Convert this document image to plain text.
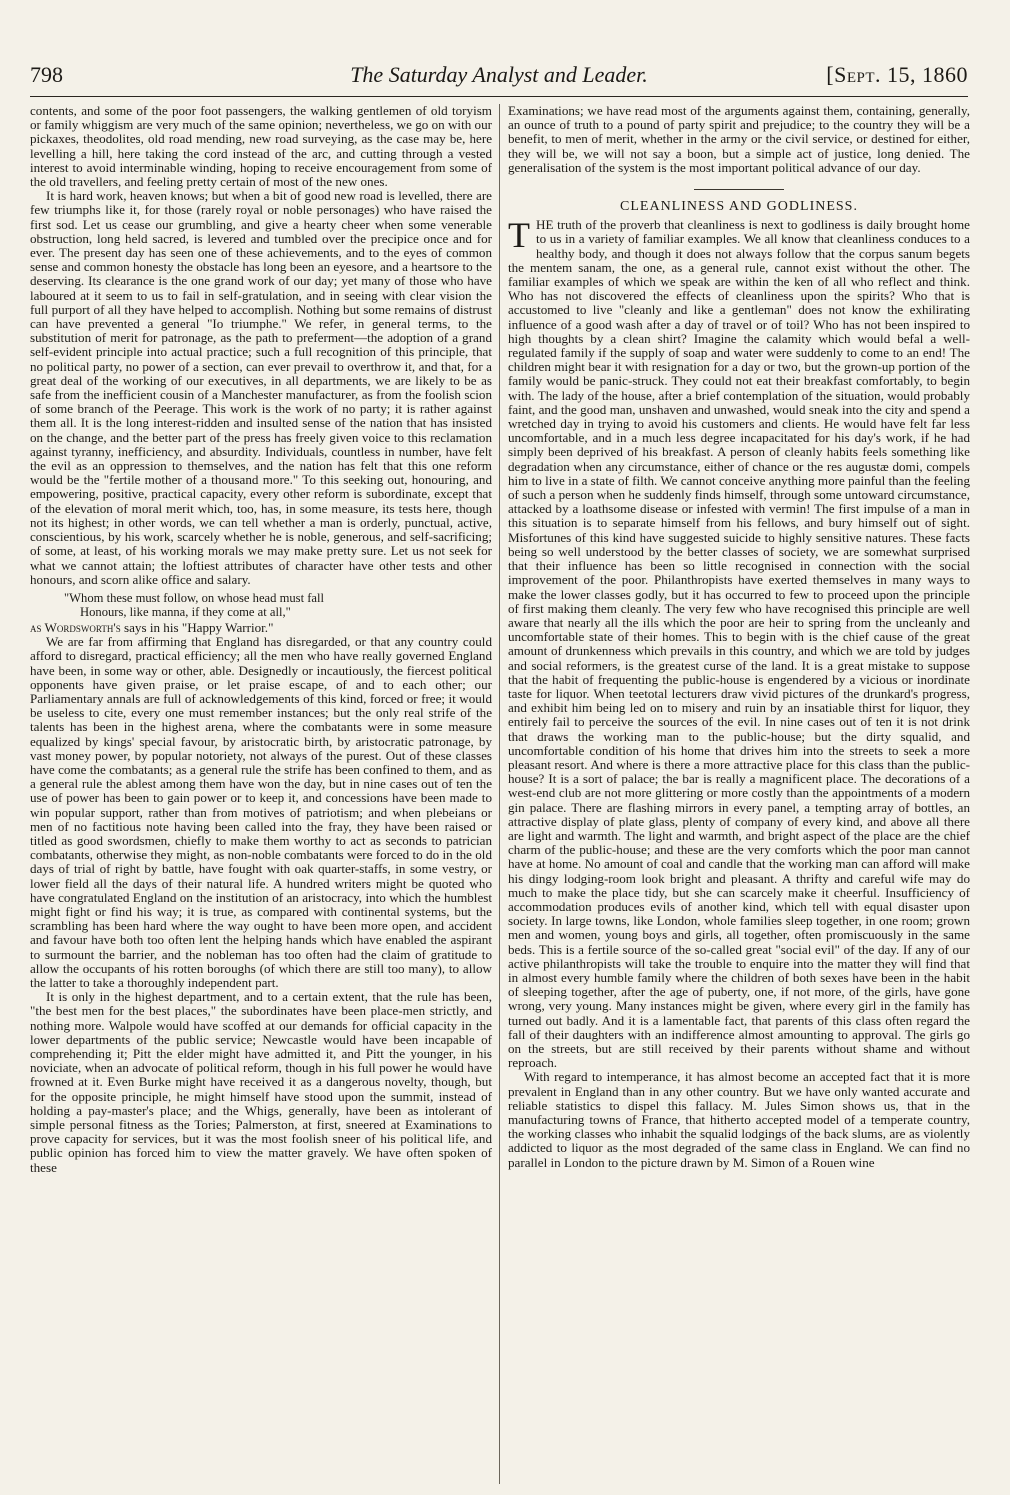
798	The Saturday Analyst and Leader.	[Sept. 15, 1860

contents, and some of the poor foot passengers, the walking gentlemen of old toryism or family whiggism are very much of the same opinion; nevertheless, we go on with our pickaxes, theodolites, old road mending, new road surveying, as the case may be, here levelling a hill, here taking the cord instead of the arc, and cutting through a vested interest to avoid interminable winding, hoping to receive encouragement from some of the old travellers, and feeling pretty certain of most of the new ones.

It is hard work, heaven knows; but when a bit of good new road is levelled, there are few triumphs like it, for those (rarely royal or noble personages) who have raised the first sod. Let us cease our grumbling, and give a hearty cheer when some venerable obstruction, long held sacred, is levered and tumbled over the precipice once and for ever. The present day has seen one of these achievements, and to the eyes of common sense and common honesty the obstacle has long been an eyesore, and a heartsore to the deserving. Its clearance is the one grand work of our day; yet many of those who have laboured at it seem to us to fail in self-gratulation, and in seeing with clear vision the full purport of all they have helped to accomplish. Nothing but some remains of distrust can have prevented a general "Io triumphe." We refer, in general terms, to the substitution of merit for patronage, as the path to preferment—the adoption of a grand self-evident principle into actual practice; such a full recognition of this principle, that no political party, no power of a section, can ever prevail to overthrow it, and that, for a great deal of the working of our executives, in all departments, we are likely to be as safe from the inefficient cousin of a Manchester manufacturer, as from the foolish scion of some branch of the Peerage. This work is the work of no party; it is rather against them all. It is the long interest-ridden and insulted sense of the nation that has insisted on the change, and the better part of the press has freely given voice to this reclamation against tyranny, inefficiency, and absurdity. Individuals, countless in number, have felt the evil as an oppression to themselves, and the nation has felt that this one reform would be the "fertile mother of a thousand more." To this seeking out, honouring, and empowering, positive, practical capacity, every other reform is subordinate, except that of the elevation of moral merit which, too, has, in some measure, its tests here, though not its highest; in other words, we can tell whether a man is orderly, punctual, active, conscientious, by his work, scarcely whether he is noble, generous, and self-sacrificing; of some, at least, of his working morals we may make pretty sure. Let us not seek for what we cannot attain; the loftiest attributes of character have other tests and other honours, and scorn alike office and salary.

"Whom these must follow, on whose head must fall
Honours, like manna, if they come at all,"

as Wordsworth's says in his "Happy Warrior."

We are far from affirming that England has disregarded, or that any country could afford to disregard, practical efficiency; all the men who have really governed England have been, in some way or other, able. Designedly or incautiously, the fiercest political opponents have given praise, or let praise escape, of and to each other; our Parliamentary annals are full of acknowledgements of this kind, forced or free; it would be useless to cite, every one must remember instances; but the only real strife of the talents has been in the highest arena, where the combatants were in some measure equalized by kings' special favour, by aristocratic birth, by aristocratic patronage, by vast money power, by popular notoriety, not always of the purest. Out of these classes have come the combatants; as a general rule the strife has been confined to them, and as a general rule the ablest among them have won the day, but in nine cases out of ten the use of power has been to gain power or to keep it, and concessions have been made to win popular support, rather than from motives of patriotism; and when plebeians or men of no factitious note having been called into the fray, they have been raised or titled as good swordsmen, chiefly to make them worthy to act as seconds to patrician combatants, otherwise they might, as non-noble combatants were forced to do in the old days of trial of right by battle, have fought with oak quarter-staffs, in some vestry, or lower field all the days of their natural life. A hundred writers might be quoted who have congratulated England on the institution of an aristocracy, into which the humblest might fight or find his way; it is true, as compared with continental systems, but the scrambling has been hard where the way ought to have been more open, and accident and favour have both too often lent the helping hands which have enabled the aspirant to surmount the barrier, and the nobleman has too often had the claim of gratitude to allow the occupants of his rotten boroughs (of which there are still too many), to allow the latter to take a thoroughly independent part.

It is only in the highest department, and to a certain extent, that the rule has been, "the best men for the best places," the subordinates have been place-men strictly, and nothing more. Walpole would have scoffed at our demands for official capacity in the lower departments of the public service; Newcastle would have been incapable of comprehending it; Pitt the elder might have admitted it, and Pitt the younger, in his noviciate, when an advocate of political reform, though in his full power he would have frowned at it. Even Burke might have received it as a dangerous novelty, though, but for the opposite principle, he might himself have stood upon the summit, instead of holding a pay-master's place; and the Whigs, generally, have been as intolerant of simple personal fitness as the Tories; Palmerston, at first, sneered at Examinations to prove capacity for services, but it was the most foolish sneer of his political life, and public opinion has forced him to view the matter gravely. We have often spoken of these

Examinations; we have read most of the arguments against them, containing, generally, an ounce of truth to a pound of party spirit and prejudice; to the country they will be a benefit, to men of merit, whether in the army or the civil service, or destined for either, they will be, we will not say a boon, but a simple act of justice, long denied. The generalisation of the system is the most important political advance of our day.

CLEANLINESS AND GODLINESS.

THE truth of the proverb that cleanliness is next to godliness is daily brought home to us in a variety of familiar examples. We all know that cleanliness conduces to a healthy body, and though it does not always follow that the corpus sanum begets the mentem sanam, the one, as a general rule, cannot exist without the other. The familiar examples of which we speak are within the ken of all who reflect and think. Who has not discovered the effects of cleanliness upon the spirits? Who that is accustomed to live "cleanly and like a gentleman" does not know the exhilirating influence of a good wash after a day of travel or of toil? Who has not been inspired to high thoughts by a clean shirt? Imagine the calamity which would befal a well-regulated family if the supply of soap and water were suddenly to come to an end! The children might bear it with resignation for a day or two, but the grown-up portion of the family would be panic-struck. They could not eat their breakfast comfortably, to begin with. The lady of the house, after a brief contemplation of the situation, would probably faint, and the good man, unshaven and unwashed, would sneak into the city and spend a wretched day in trying to avoid his customers and clients. He would have felt far less uncomfortable, and in a much less degree incapacitated for his day's work, if he had simply been deprived of his breakfast. A person of cleanly habits feels something like degradation when any circumstance, either of chance or the res augustæ domi, compels him to live in a state of filth. We cannot conceive anything more painful than the feeling of such a person when he suddenly finds himself, through some untoward circumstance, attacked by a loathsome disease or infested with vermin! The first impulse of a man in this situation is to separate himself from his fellows, and bury himself out of sight. Misfortunes of this kind have suggested suicide to highly sensitive natures. These facts being so well understood by the better classes of society, we are somewhat surprised that their influence has been so little recognised in connection with the social improvement of the poor. Philanthropists have exerted themselves in many ways to make the lower classes godly, but it has occurred to few to proceed upon the principle of first making them cleanly. The very few who have recognised this principle are well aware that nearly all the ills which the poor are heir to spring from the uncleanly and uncomfortable state of their homes. This to begin with is the chief cause of the great amount of drunkenness which prevails in this country, and which we are told by judges and social reformers, is the greatest curse of the land. It is a great mistake to suppose that the habit of frequenting the public-house is engendered by a vicious or inordinate taste for liquor. When teetotal lecturers draw vivid pictures of the drunkard's progress, and exhibit him being led on to misery and ruin by an insatiable thirst for liquor, they entirely fail to perceive the sources of the evil. In nine cases out of ten it is not drink that draws the working man to the public-house; but the dirty squalid, and uncomfortable condition of his home that drives him into the streets to seek a more pleasant resort. And where is there a more attractive place for this class than the public-house? It is a sort of palace; the bar is really a magnificent place. The decorations of a west-end club are not more glittering or more costly than the appointments of a modern gin palace. There are flashing mirrors in every panel, a tempting array of bottles, an attractive display of plate glass, plenty of company of every kind, and above all there are light and warmth. The light and warmth, and bright aspect of the place are the chief charm of the public-house; and these are the very comforts which the poor man cannot have at home. No amount of coal and candle that the working man can afford will make his dingy lodging-room look bright and pleasant. A thrifty and careful wife may do much to make the place tidy, but she can scarcely make it cheerful. Insufficiency of accommodation produces evils of another kind, which tell with equal disaster upon society. In large towns, like London, whole families sleep together, in one room; grown men and women, young boys and girls, all together, often promiscuously in the same beds. This is a fertile source of the so-called great "social evil" of the day. If any of our active philanthropists will take the trouble to enquire into the matter they will find that in almost every humble family where the children of both sexes have been in the habit of sleeping together, after the age of puberty, one, if not more, of the girls, have gone wrong, very young. Many instances might be given, where every girl in the family has turned out badly. And it is a lamentable fact, that parents of this class often regard the fall of their daughters with an indifference almost amounting to approval. The girls go on the streets, but are still received by their parents without shame and without reproach.

With regard to intemperance, it has almost become an accepted fact that it is more prevalent in England than in any other country. But we have only wanted accurate and reliable statistics to dispel this fallacy. M. Jules Simon shows us, that in the manufacturing towns of France, that hitherto accepted model of a temperate country, the working classes who inhabit the squalid lodgings of the back slums, are as violently addicted to liquor as the most degraded of the same class in England. We can find no parallel in London to the picture drawn by M. Simon of a Rouen wine
